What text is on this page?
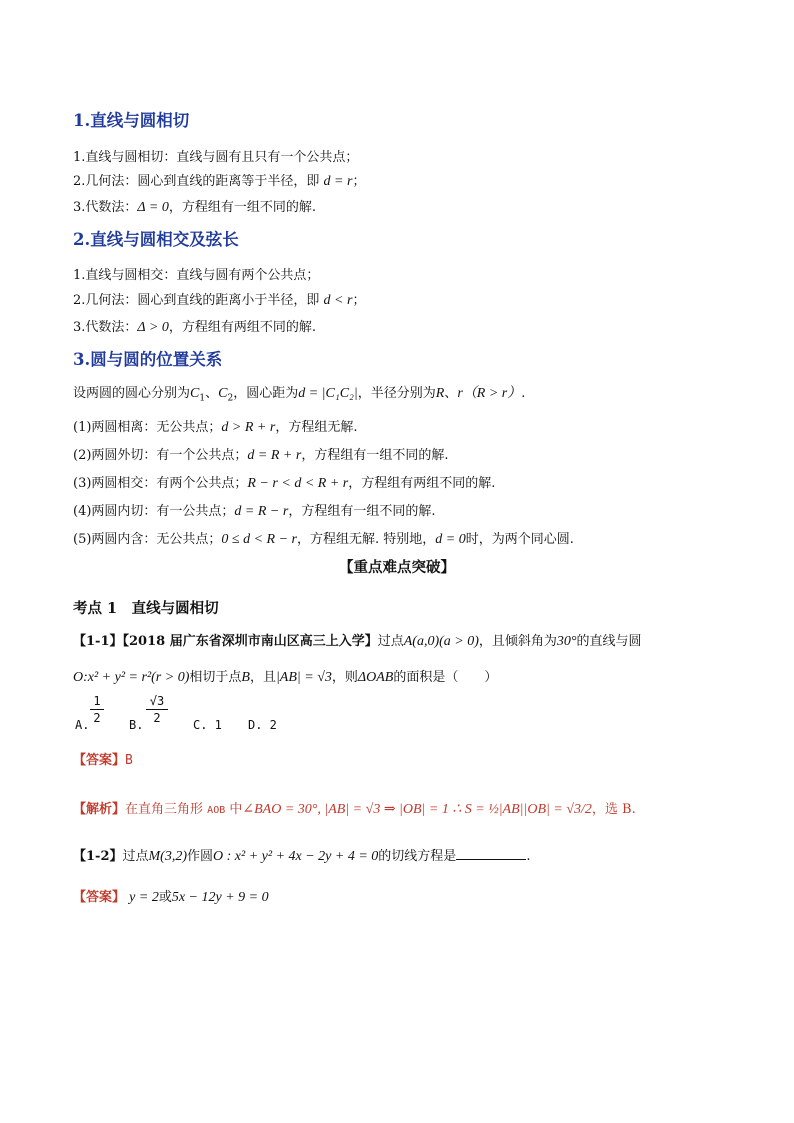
1.直线与圆相切
1.直线与圆相切：直线与圆有且只有一个公共点；
2.几何法：圆心到直线的距离等于半径，即 d = r；
3.代数法：Δ = 0，方程组有一组不同的解.
2.直线与圆相交及弦长
1.直线与圆相交：直线与圆有两个公共点；
2.几何法：圆心到直线的距离小于半径，即 d < r；
3.代数法：Δ > 0，方程组有两组不同的解.
3.圆与圆的位置关系
设两圆的圆心分别为$C_1$、$C_2$，圆心距为d = |C₁C₂|，半径分别为R、r（R > r）.
(1)两圆相离：无公共点；d > R + r，方程组无解.
(2)两圆外切：有一个公共点；d = R + r，方程组有一组不同的解.
(3)两圆相交：有两个公共点；R − r < d < R + r，方程组有两组不同的解.
(4)两圆内切：有一公共点；d = R − r，方程组有一组不同的解.
(5)两圆内含：无公共点；0 ≤ d < R − r，方程组无解. 特别地，d = 0时，为两个同心圆.
【重点难点突破】
考点 1　直线与圆相切
【1-1】【2018 届广东省深圳市南山区高三上入学】过点A(a,0)(a > 0)，且倾斜角为30°的直线与圆
O:x² + y² = r²(r > 0)相切于点B，且|AB| = √3，则ΔOAB的面积是（　　）
A.
1
2 B.
√3
2	C. 1 D. 2
【答案】B
【解析】在直角三角形 AOB 中∠BAO = 30°, |AB| = √3 ⇒ |OB| = 1 ∴ S = ½|AB||OB| = √3/2，选 B.
【1-2】过点M(3,2)作圆O : x² + y² + 4x − 2y + 4 = 0的切线方程是	.
【答案】 y = 2或5x − 12y + 9 = 0
